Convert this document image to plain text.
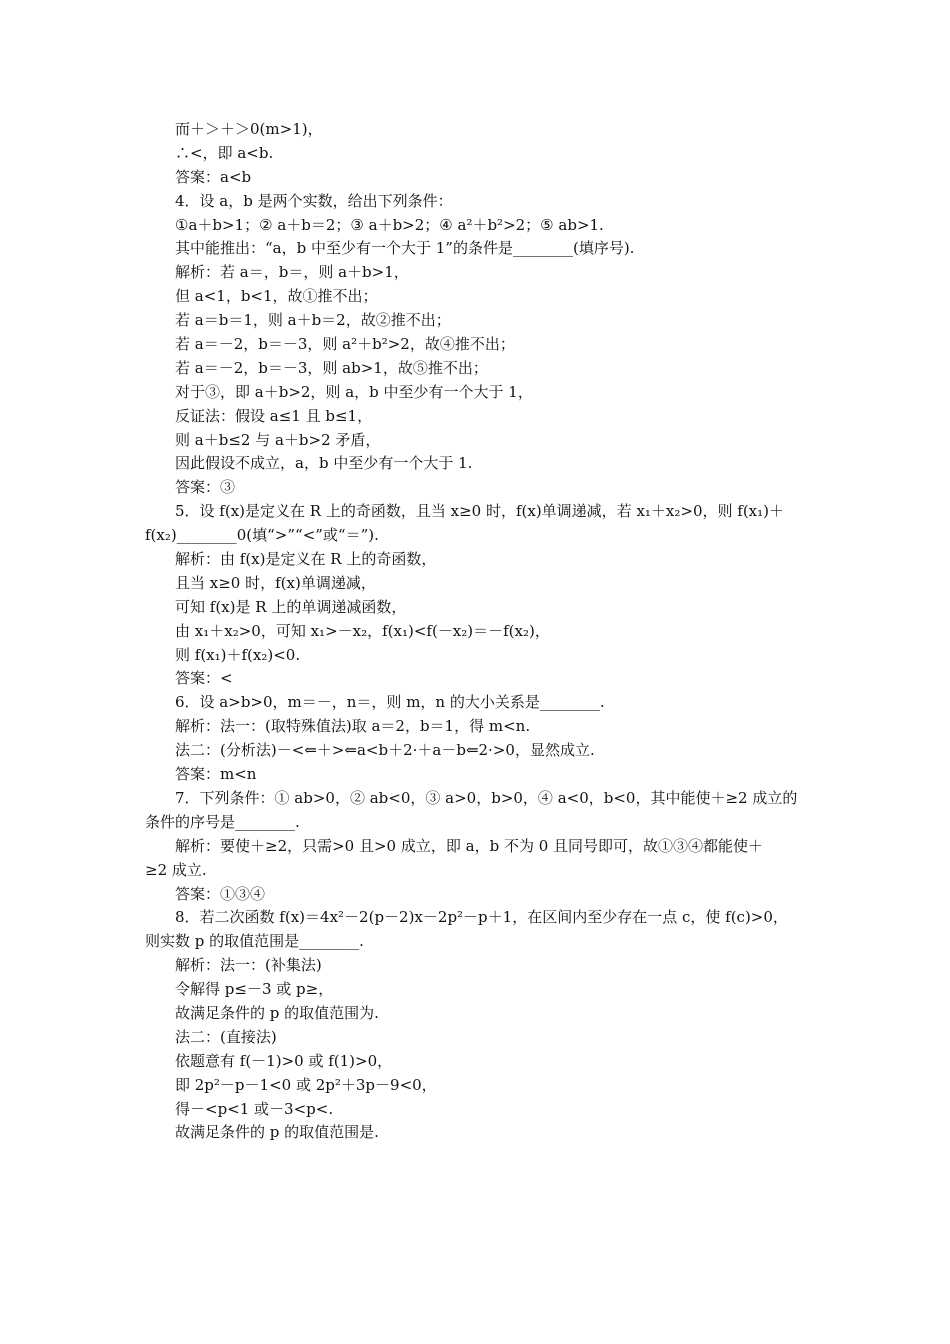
而＋＞＋＞0(m>1)，
∴<，即 a<b.
答案：a<b
4．设 a，b 是两个实数，给出下列条件：
①a＋b>1；② a＋b＝2；③ a＋b>2；④ a²＋b²>2；⑤ ab>1.
其中能推出：“a，b 中至少有一个大于 1”的条件是________(填序号).
解析：若 a＝，b＝，则 a＋b>1，
但 a<1，b<1，故①推不出；
若 a＝b＝1，则 a＋b＝2，故②推不出；
若 a＝－2，b＝－3，则 a²＋b²>2，故④推不出；
若 a＝－2，b＝－3，则 ab>1，故⑤推不出；
对于③，即 a＋b>2，则 a，b 中至少有一个大于 1，
反证法：假设 a≤1 且 b≤1，
则 a＋b≤2 与 a＋b>2 矛盾，
因此假设不成立，a，b 中至少有一个大于 1.
答案：③
5．设 f(x)是定义在 R 上的奇函数，且当 x≥0 时，f(x)单调递减，若 x₁＋x₂>0，则 f(x₁)＋
f(x₂)________0(填“>”“<”或“＝”).
解析：由 f(x)是定义在 R 上的奇函数，
且当 x≥0 时，f(x)单调递减，
可知 f(x)是 R 上的单调递减函数，
由 x₁＋x₂>0，可知 x₁>－x₂，f(x₁)<f(－x₂)＝－f(x₂)，
则 f(x₁)＋f(x₂)<0.
答案：<
6．设 a>b>0，m＝－，n＝，则 m，n 的大小关系是________.
解析：法一：(取特殊值法)取 a＝2，b＝1，得 m<n.
法二：(分析法)－<⇐＋>⇐a<b＋2·＋a－b⇐2·>0，显然成立.
答案：m<n
7．下列条件：① ab>0，② ab<0，③ a>0，b>0，④ a<0，b<0，其中能使＋≥2 成立的
条件的序号是________.
解析：要使＋≥2，只需>0 且>0 成立，即 a，b 不为 0 且同号即可，故①③④都能使＋
≥2 成立.
答案：①③④
8．若二次函数 f(x)＝4x²－2(p－2)x－2p²－p＋1，在区间内至少存在一点 c，使 f(c)>0，
则实数 p 的取值范围是________.
解析：法一：(补集法)
令解得 p≤－3 或 p≥，
故满足条件的 p 的取值范围为.
法二：(直接法)
依题意有 f(－1)>0 或 f(1)>0，
即 2p²－p－1<0 或 2p²＋3p－9<0，
得－<p<1 或－3<p<.
故满足条件的 p 的取值范围是.
